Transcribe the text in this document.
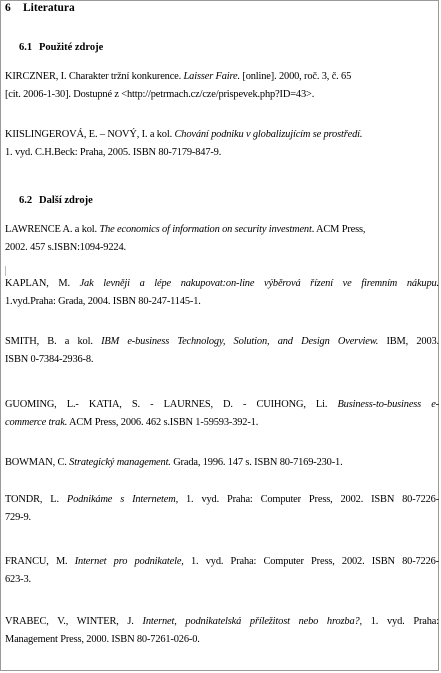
6 Literatura
6.1 Použité zdroje
KIRCZNER, I. Charakter tržní konkurence. Laisser Faire. [online]. 2000, roč. 3, č. 65
[cit. 2006-1-30]. Dostupné z <http://petrmach.cz/cze/prispevek.php?ID=43>.
KIISLINGEROVÁ, E. – NOVÝ, I. a kol. Chování podniku v globalizujícím se prostředí.
1. vyd. C.H.Beck: Praha, 2005. ISBN 80-7179-847-9.
6.2 Další zdroje
LAWRENCE A. a kol. The economics of information on security investment. ACM Press,
2002. 457 s.ISBN:1094-9224.
KAPLAN, M. Jak levněji a lépe nakupovat:on-line výběrová řízení ve firemním nákupu.
1.vyd.Praha: Grada, 2004. ISBN 80-247-1145-1.
SMITH, B. a kol. IBM e-business Technology, Solution, and Design Overview. IBM, 2003.
ISBN 0-7384-2936-8.
GUOMING, L.- KATIA, S. - LAURNES, D. - CUIHONG, Li. Business-to-business e-
commerce trak. ACM Press, 2006. 462 s.ISBN 1-59593-392-1.
BOWMAN, C. Strategický management. Grada, 1996. 147 s. ISBN 80-7169-230-1.
TONDR, L. Podnikáme s Internetem, 1. vyd. Praha: Computer Press, 2002. ISBN 80-7226-
729-9.
FRANCU, M. Internet pro podnikatele, 1. vyd. Praha: Computer Press, 2002. ISBN 80-7226-
623-3.
VRABEC, V., WINTER, J. Internet, podnikatelská příležitost nebo hrozba?, 1. vyd. Praha:
Management Press, 2000. ISBN 80-7261-026-0.
